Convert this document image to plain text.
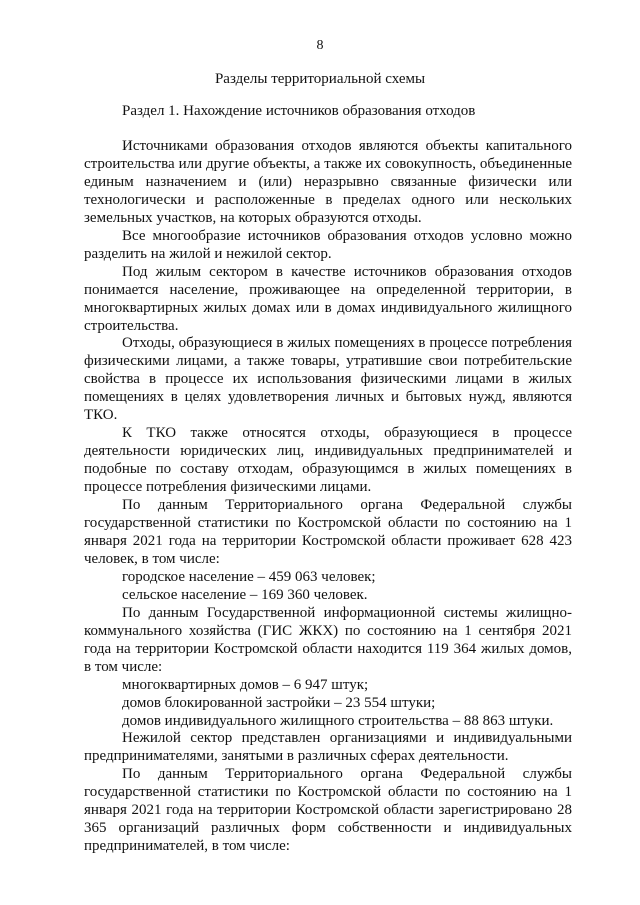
8
Разделы территориальной схемы
Раздел 1. Нахождение источников образования отходов

Источниками образования отходов являются объекты капитального строительства или другие объекты, а также их совокупность, объединенные единым назначением и (или) неразрывно связанные физически или технологически и расположенные в пределах одного или нескольких земельных участков, на которых образуются отходы.

Все многообразие источников образования отходов условно можно разделить на жилой и нежилой сектор.

Под жилым сектором в качестве источников образования отходов понимается население, проживающее на определенной территории, в многоквартирных жилых домах или в домах индивидуального жилищного строительства.

Отходы, образующиеся в жилых помещениях в процессе потребления физическими лицами, а также товары, утратившие свои потребительские свойства в процессе их использования физическими лицами в жилых помещениях в целях удовлетворения личных и бытовых нужд, являются ТКО.

К ТКО также относятся отходы, образующиеся в процессе деятельности юридических лиц, индивидуальных предпринимателей и подобные по составу отходам, образующимся в жилых помещениях в процессе потребления физическими лицами.

По данным Территориального органа Федеральной службы государственной статистики по Костромской области по состоянию на 1 января 2021 года на территории Костромской области проживает 628 423 человек, в том числе:

городское население – 459 063 человек;

сельское население – 169 360 человек.

По данным Государственной информационной системы жилищно-коммунального хозяйства (ГИС ЖКХ) по состоянию на 1 сентября 2021 года на территории Костромской области находится 119 364 жилых домов, в том числе:

многоквартирных домов – 6 947 штук;

домов блокированной застройки – 23 554 штуки;

домов индивидуального жилищного строительства – 88 863 штуки.

Нежилой сектор представлен организациями и индивидуальными предпринимателями, занятыми в различных сферах деятельности.

По данным Территориального органа Федеральной службы государственной статистики по Костромской области по состоянию на 1 января 2021 года на территории Костромской области зарегистрировано 28 365 организаций различных форм собственности и индивидуальных предпринимателей, в том числе:
